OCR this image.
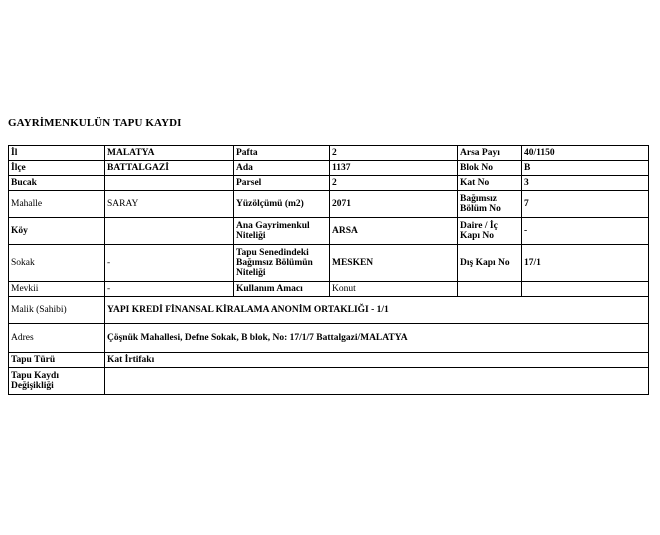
GAYRİMENKULÜN TAPU KAYDI
İl	MALATYA	Pafta	2	Arsa Payı	40/1150
İlçe	BATTALGAZİ	Ada	1137	Blok No	B
Bucak		Parsel	2	Kat No	3
Mahalle	SARAY	Yüzölçümü (m2)	2071	Bağımsız Bölüm No	7
Köy		Ana Gayrimenkul Niteliği	ARSA	Daire / İç Kapı No	-
Sokak	-	Tapu Senedindeki Bağımsız Bölümün Niteliği	MESKEN	Dış Kapı No	17/1
Mevkii	-	Kullanım Amacı	Konut		
Malik (Sahibi)	YAPI KREDİ FİNANSAL KİRALAMA ANONİM ORTAKLIĞI - 1/1				
Adres	Çöşnük Mahallesi, Defne Sokak, B blok, No: 17/1/7 Battalgazi/MALATYA				
Tapu Türü	Kat İrtifakı				
Tapu Kaydı Değişikliği					
